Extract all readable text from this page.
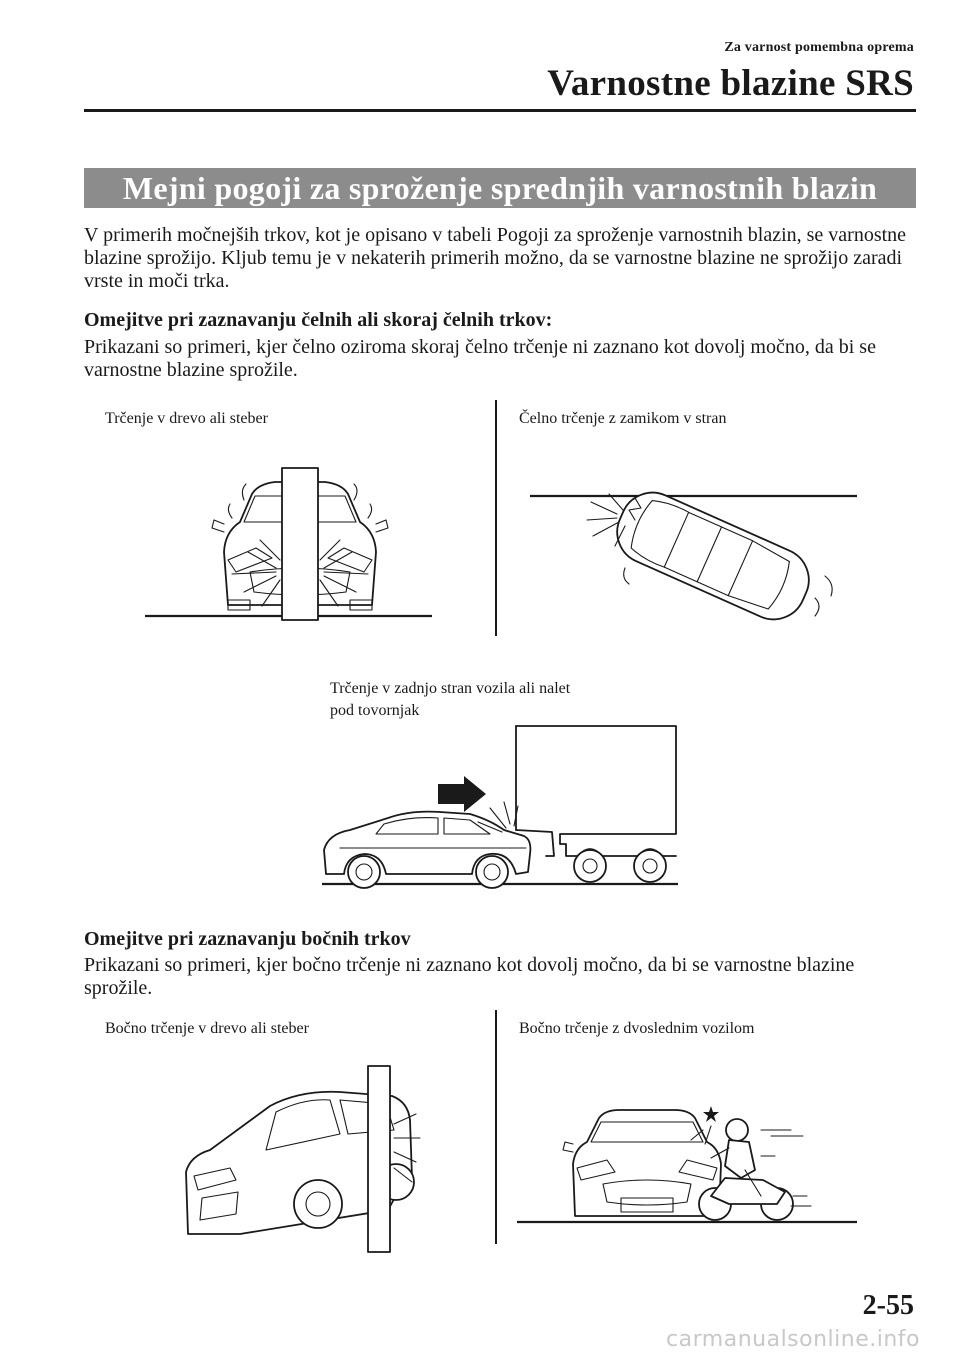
Za varnost pomembna oprema
Varnostne blazine SRS
Mejni pogoji za sproženje sprednjih varnostnih blazin
V primerih močnejših trkov, kot je opisano v tabeli Pogoji za sproženje varnostnih blazin, se varnostne blazine sprožijo. Kljub temu je v nekaterih primerih možno, da se varnostne blazine ne sprožijo zaradi vrste in moči trka.
Omejitve pri zaznavanju čelnih ali skoraj čelnih trkov:
Prikazani so primeri, kjer čelno oziroma skoraj čelno trčenje ni zaznano kot dovolj močno, da bi se varnostne blazine sprožile.
Trčenje v drevo ali steber	Čelno trčenje z zamikom v stran
Trčenje v zadnjo stran vozila ali nalet
pod tovornjak
Omejitve pri zaznavanju bočnih trkov
Prikazani so primeri, kjer bočno trčenje ni zaznano kot dovolj močno, da bi se varnostne blazine sprožile.
Bočno trčenje v drevo ali steber	Bočno trčenje z dvoslednim vozilom
2-55
carmanualsonline.info
